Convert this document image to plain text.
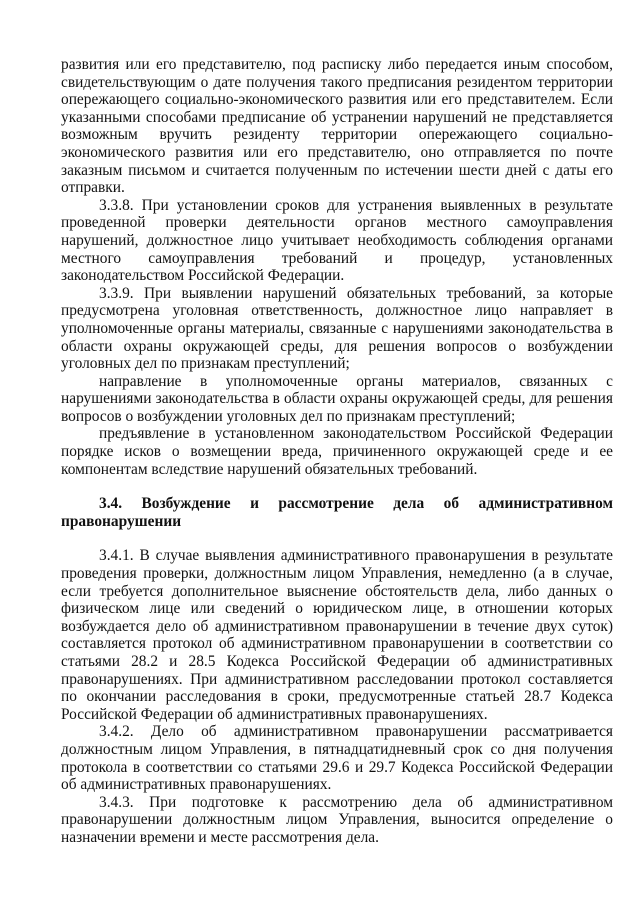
развития или его представителю, под расписку либо передается иным способом, свидетельствующим о дате получения такого предписания резидентом территории опережающего социально-экономического развития или его представителем. Если указанными способами предписание об устранении нарушений не представляется возможным вручить резиденту территории опережающего социально-экономического развития или его представителю, оно отправляется по почте заказным письмом и считается полученным по истечении шести дней с даты его отправки.

3.3.8. При установлении сроков для устранения выявленных в результате проведенной проверки деятельности органов местного самоуправления нарушений, должностное лицо учитывает необходимость соблюдения органами местного самоуправления требований и процедур, установленных законодательством Российской Федерации.

3.3.9. При выявлении нарушений обязательных требований, за которые предусмотрена уголовная ответственность, должностное лицо направляет в уполномоченные органы материалы, связанные с нарушениями законодательства в области охраны окружающей среды, для решения вопросов о возбуждении уголовных дел по признакам преступлений;

направление в уполномоченные органы материалов, связанных с нарушениями законодательства в области охраны окружающей среды, для решения вопросов о возбуждении уголовных дел по признакам преступлений;

предъявление в установленном законодательством Российской Федерации порядке исков о возмещении вреда, причиненного окружающей среде и ее компонентам вследствие нарушений обязательных требований.

3.4. Возбуждение и рассмотрение дела об административном правонарушении

3.4.1. В случае выявления административного правонарушения в результате проведения проверки, должностным лицом Управления, немедленно (а в случае, если требуется дополнительное выяснение обстоятельств дела, либо данных о физическом лице или сведений о юридическом лице, в отношении которых возбуждается дело об административном правонарушении в течение двух суток) составляется протокол об административном правонарушении в соответствии со статьями 28.2 и 28.5 Кодекса Российской Федерации об административных правонарушениях. При административном расследовании протокол составляется по окончании расследования в сроки, предусмотренные статьей 28.7 Кодекса Российской Федерации об административных правонарушениях.

3.4.2. Дело об административном правонарушении рассматривается должностным лицом Управления, в пятнадцатидневный срок со дня получения протокола в соответствии со статьями 29.6 и 29.7 Кодекса Российской Федерации об административных правонарушениях.

3.4.3. При подготовке к рассмотрению дела об административном правонарушении должностным лицом Управления, выносится определение о назначении времени и месте рассмотрения дела.
